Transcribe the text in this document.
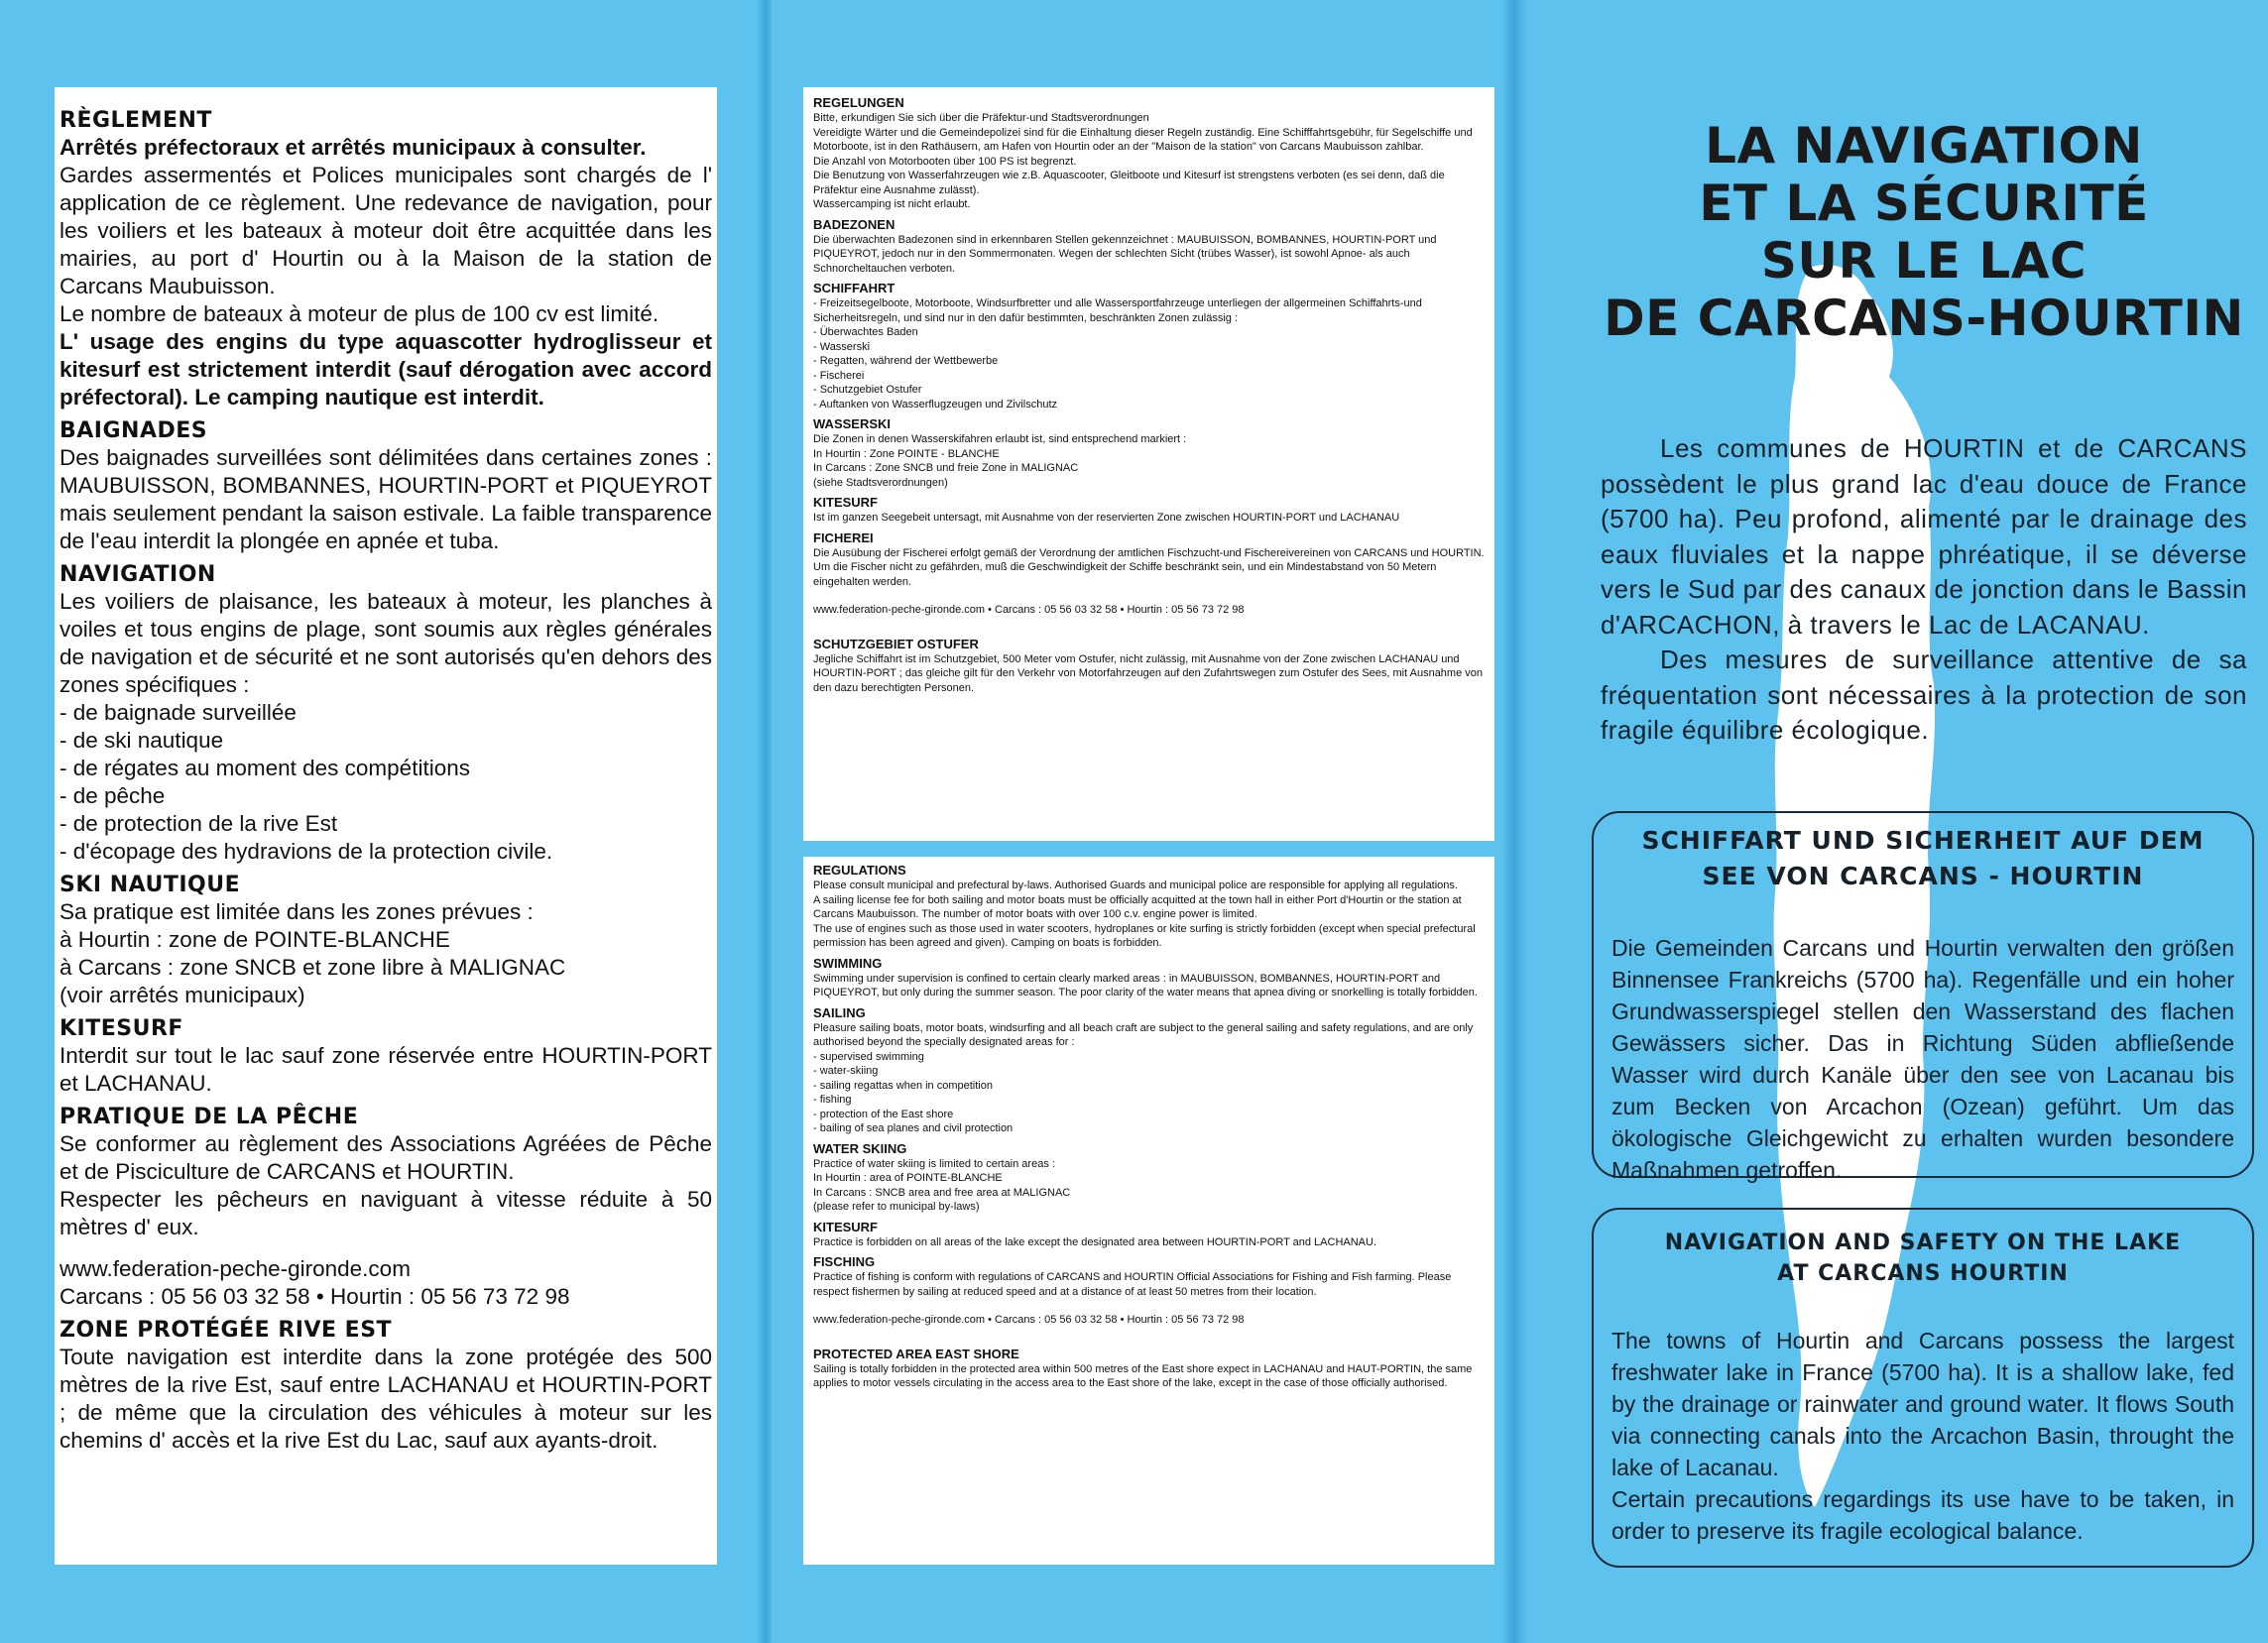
RÈGLEMENT

Arrêtés préfectoraux et arrêtés municipaux à consulter.

Gardes assermentés et Polices municipales sont chargés de l' application de ce règlement. Une redevance de navigation, pour les voiliers et les bateaux à moteur doit être acquittée dans les mairies, au port d' Hourtin ou à la Maison de la station de Carcans Maubuisson.

Le nombre de bateaux à moteur de plus de 100 cv est limité.

L' usage des engins du type aquascotter hydroglisseur et kitesurf est strictement interdit (sauf dérogation avec accord préfectoral). Le camping nautique est interdit.

BAIGNADES

Des baignades surveillées sont délimitées dans certaines zones : MAUBUISSON, BOMBANNES, HOURTIN-PORT et PIQUEYROT mais seulement pendant la saison estivale. La faible transparence de l'eau interdit la plongée en apnée et tuba.

NAVIGATION

Les voiliers de plaisance, les bateaux à moteur, les planches à voiles et tous engins de plage, sont soumis aux règles générales de navigation et de sécurité et ne sont autorisés qu'en dehors des zones spécifiques :

- de baignade surveillée

- de ski nautique

- de régates au moment des compétitions

- de pêche

- de protection de la rive Est

- d'écopage des hydravions de la protection civile.

SKI NAUTIQUE

Sa pratique est limitée dans les zones prévues :

à Hourtin : zone de POINTE-BLANCHE

à Carcans : zone SNCB et zone libre à MALIGNAC

(voir arrêtés municipaux)

KITESURF

Interdit sur tout le lac sauf zone réservée entre HOURTIN-PORT et LACHANAU.

PRATIQUE DE LA PÊCHE

Se conformer au règlement des Associations Agréées de Pêche et de Pisciculture de CARCANS et HOURTIN.

Respecter les pêcheurs en naviguant à vitesse réduite à 50 mètres d' eux.

www.federation-peche-gironde.com

Carcans : 05 56 03 32 58 • Hourtin : 05 56 73 72 98

ZONE PROTÉGÉE RIVE EST

Toute navigation est interdite dans la zone protégée des 500 mètres de la rive Est, sauf entre LACHANAU et HOURTIN-PORT ; de même que la circulation des véhicules à moteur sur les chemins d' accès et la rive Est du Lac, sauf aux ayants-droit.

REGELUNGEN

Bitte, erkundigen Sie sich über die Präfektur-und Stadtsverordnungen

Vereidigte Wärter und die Gemeindepolizei sind für die Einhaltung dieser Regeln zuständig. Eine Schifffahrtsgebühr, für Segelschiffe und Motorboote, ist in den Rathäusern, am Hafen von Hourtin oder an der "Maison de la station" von Carcans Maubuisson zahlbar.

Die Anzahl von Motorbooten über 100 PS ist begrenzt.

Die Benutzung von Wasserfahrzeugen wie z.B. Aquascooter, Gleitboote und Kitesurf ist strengstens verboten (es sei denn, daß die Präfektur eine Ausnahme zulässt).

Wassercamping ist nicht erlaubt.

BADEZONEN

Die überwachten Badezonen sind in erkennbaren Stellen gekennzeichnet : MAUBUISSON, BOMBANNES, HOURTIN-PORT und PIQUEYROT, jedoch nur in den Sommermonaten. Wegen der schlechten Sicht (trübes Wasser), ist sowohl Apnoe- als auch Schnorcheltauchen verboten.

SCHIFFAHRT

- Freizeitsegelboote, Motorboote, Windsurfbretter und alle Wassersportfahrzeuge unterliegen der allgermeinen Schiffahrts-und Sicherheitsregeln, und sind nur in den dafür bestimmten, beschränkten Zonen zulässig :

- Überwachtes Baden

- Wasserski

- Regatten, während der Wettbewerbe

- Fischerei

- Schutzgebiet Ostufer

- Auftanken von Wasserflugzeugen und Zivilschutz

WASSERSKI

Die Zonen in denen Wasserskifahren erlaubt ist, sind entsprechend markiert :

In Hourtin : Zone POINTE - BLANCHE

In Carcans : Zone SNCB und freie Zone in MALIGNAC

(siehe Stadtsverordnungen)

KITESURF

Ist im ganzen Seegebeit untersagt, mit Ausnahme von der reservierten Zone zwischen HOURTIN-PORT und LACHANAU

FICHEREI

Die Ausübung der Fischerei erfolgt gemäß der Verordnung der amtlichen Fischzucht-und Fischereivereinen von CARCANS und HOURTIN.

Um die Fischer nicht zu gefährden, muß die Geschwindigkeit der Schiffe beschränkt sein, und ein Mindestabstand von 50 Metern eingehalten werden.

www.federation-peche-gironde.com • Carcans : 05 56 03 32 58 • Hourtin : 05 56 73 72 98

SCHUTZGEBIET OSTUFER

Jegliche Schiffahrt ist im Schutzgebiet, 500 Meter vom Ostufer, nicht zulässig, mit Ausnahme von der Zone zwischen LACHANAU und HOURTIN-PORT ; das gleiche gilt für den Verkehr von Motorfahrzeugen auf den Zufahrtswegen zum Ostufer des Sees, mit Ausnahme von den dazu berechtigten Personen.

REGULATIONS

Please consult municipal and prefectural by-laws. Authorised Guards and municipal police are responsible for applying all regulations.

A sailing license fee for both sailing and motor boats must be officially acquitted at the town hall in either Port d'Hourtin or the station at Carcans Maubuisson. The number of motor boats with over 100 c.v. engine power is limited.

The use of engines such as those used in water scooters, hydroplanes or kite surfing is strictly forbidden (except when special prefectural permission has been agreed and given). Camping on boats is forbidden.

SWIMMING

Swimming under supervision is confined to certain clearly marked areas : in MAUBUISSON, BOMBANNES, HOURTIN-PORT and PIQUEYROT, but only during the summer season. The poor clarity of the water means that apnea diving or snorkelling is totally forbidden.

SAILING

Pleasure sailing boats, motor boats, windsurfing and all beach craft are subject to the general sailing and safety regulations, and are only authorised beyond the specially designated areas for :

- supervised swimming

- water-skiing

- sailing regattas when in competition

- fishing

- protection of the East shore

- bailing of sea planes and civil protection

WATER SKIING

Practice of water skiing is limited to certain areas :

In Hourtin : area of POINTE-BLANCHE

In Carcans : SNCB area and free area at MALIGNAC

(please refer to municipal by-laws)

KITESURF

Practice is forbidden on all areas of the lake except the designated area between HOURTIN-PORT and LACHANAU.

FISCHING

Practice of fishing is conform with regulations of CARCANS and HOURTIN Official Associations for Fishing and Fish farming. Please respect fishermen by sailing at reduced speed and at a distance of at least 50 metres from their location.

www.federation-peche-gironde.com • Carcans : 05 56 03 32 58 • Hourtin : 05 56 73 72 98

PROTECTED AREA EAST SHORE

Sailing is totally forbidden in the protected area within 500 metres of the East shore expect in LACHANAU and HAUT-PORTIN, the same applies to motor vessels circulating in the access area to the East shore of the lake, except in the case of those officially authorised.

LA NAVIGATION
ET LA SÉCURITÉ
SUR LE LAC
DE CARCANS-HOURTIN

Les communes de HOURTIN et de CARCANS possèdent le plus grand lac d'eau douce de France (5700 ha). Peu profond, alimenté par le drainage des eaux fluviales et la nappe phréatique, il se déverse vers le Sud par des canaux de jonction dans le Bassin d'ARCACHON, à travers le Lac de LACANAU.

Des mesures de surveillance attentive de sa fréquentation sont nécessaires à la protection de son fragile équilibre écologique.

SCHIFFART UND SICHERHEIT AUF DEM
SEE VON CARCANS - HOURTIN

Die Gemeinden Carcans und Hourtin verwalten den größen Binnensee Frankreichs (5700 ha). Regenfälle und ein hoher Grundwasserspiegel stellen den Wasserstand des flachen Gewässers sicher. Das in Richtung Süden abfließende Wasser wird durch Kanäle über den see von Lacanau bis zum Becken von Arcachon (Ozean) geführt. Um das ökologische Gleichgewicht zu erhalten wurden besondere Maßnahmen getroffen.

NAVIGATION AND SAFETY ON THE LAKE
AT CARCANS HOURTIN

The towns of Hourtin and Carcans possess the largest freshwater lake in France (5700 ha). It is a shallow lake, fed by the drainage or rainwater and ground water. It flows South via connecting canals into the Arcachon Basin, throught the lake of Lacanau.

Certain precautions regardings its use have to be taken, in order to preserve its fragile ecological balance.
